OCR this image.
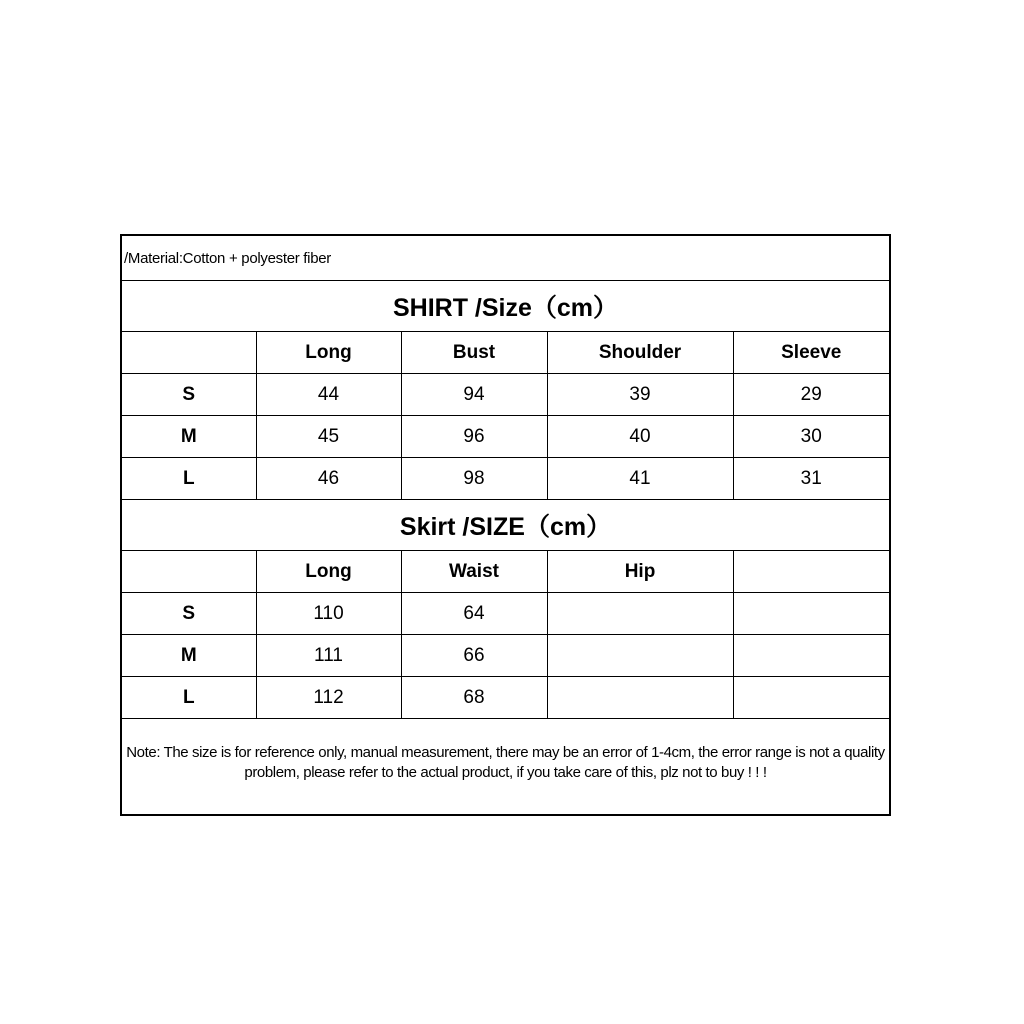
/Material:Cotton + polyester fiber				
SHIRT /Size（cm）				
	Long	Bust	Shoulder	Sleeve
S	44	94	39	29
M	45	96	40	30
L	46	98	41	31
Skirt /SIZE（cm）				
	Long	Waist	Hip	
S	110	64		
M	111	66		
L	112	68		
Note: The size is for reference only, manual measurement, there may be an error of 1-4cm, the error range is not a quality problem, please refer to the actual product, if you take care of this, plz not to buy ! ! !				
